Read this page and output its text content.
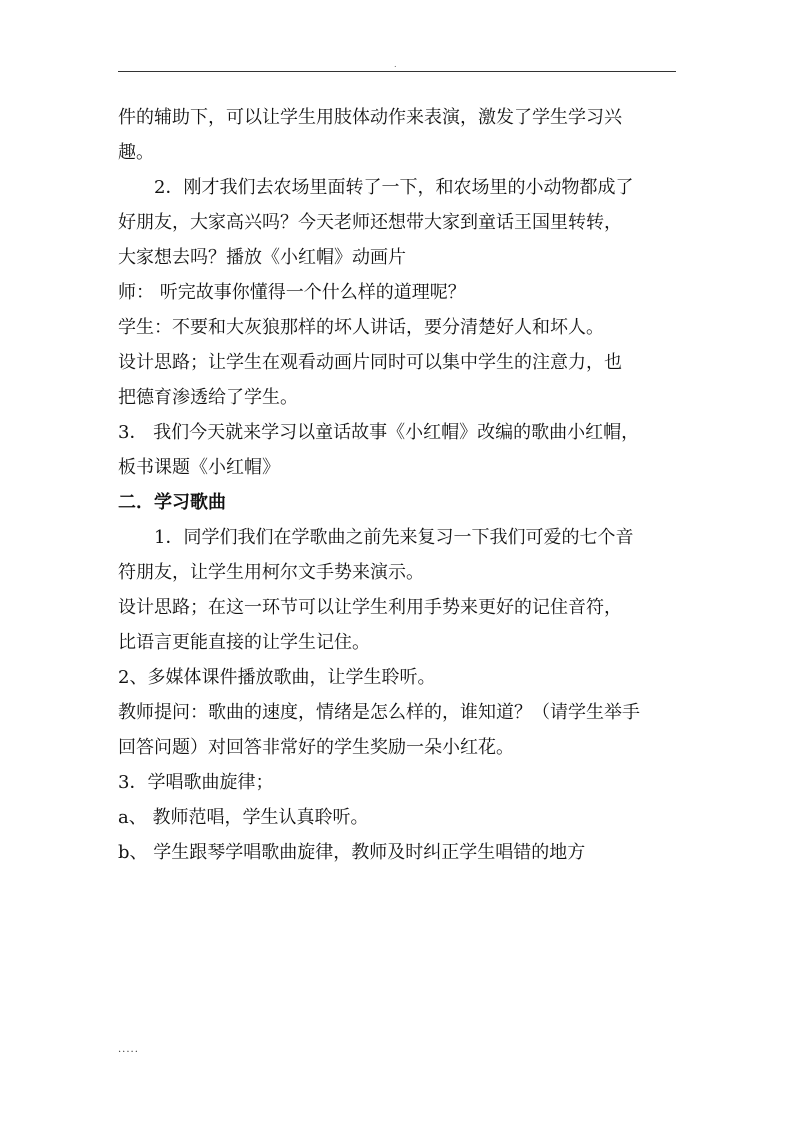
.
件的辅助下，可以让学生用肢体动作来表演，激发了学生学习兴
趣。
2．刚才我们去农场里面转了一下，和农场里的小动物都成了
好朋友，大家高兴吗？今天老师还想带大家到童话王国里转转，
大家想去吗？播放《小红帽》动画片
师： 听完故事你懂得一个什么样的道理呢？
学生：不要和大灰狼那样的坏人讲话，要分清楚好人和坏人。
设计思路；让学生在观看动画片同时可以集中学生的注意力，也
把德育渗透给了学生。
3． 我们今天就来学习以童话故事《小红帽》改编的歌曲小红帽，
板书课题《小红帽》
二．学习歌曲
1．同学们我们在学歌曲之前先来复习一下我们可爱的七个音
符朋友，让学生用柯尔文手势来演示。
设计思路；在这一环节可以让学生利用手势来更好的记住音符，
比语言更能直接的让学生记住。
2、多媒体课件播放歌曲，让学生聆听。
教师提问：歌曲的速度，情绪是怎么样的，谁知道？（请学生举手
回答问题）对回答非常好的学生奖励一朵小红花。
3．学唱歌曲旋律；
a、 教师范唱，学生认真聆听。
b、 学生跟琴学唱歌曲旋律，教师及时纠正学生唱错的地方
.....
